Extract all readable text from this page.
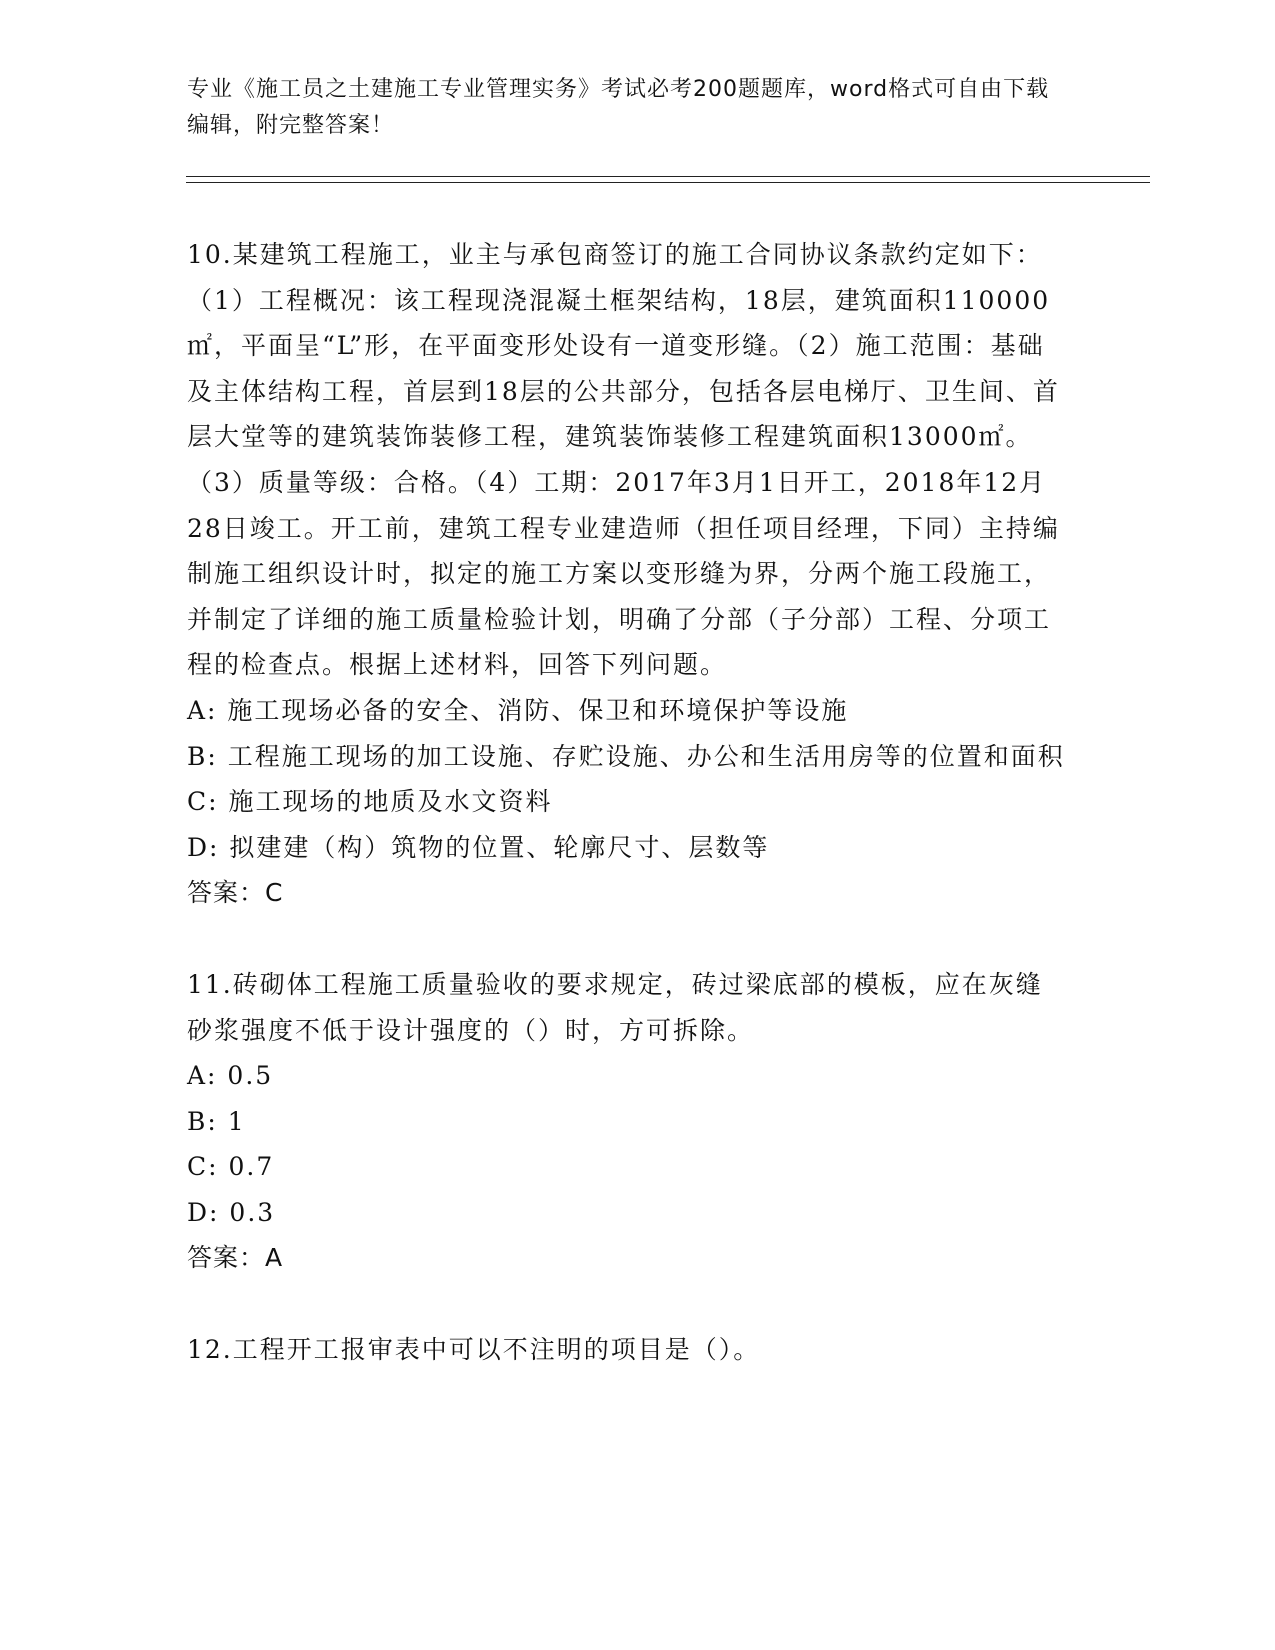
专业《施工员之土建施工专业管理实务》考试必考200题题库，word格式可自由下载编辑，附完整答案！

10.某建筑工程施工，业主与承包商签订的施工合同协议条款约定如下：（1）工程概况：该工程现浇混凝土框架结构，18层，建筑面积110000㎡，平面呈“L”形，在平面变形处设有一道变形缝。（2）施工范围：基础及主体结构工程，首层到18层的公共部分，包括各层电梯厅、卫生间、首层大堂等的建筑装饰装修工程，建筑装饰装修工程建筑面积13000㎡。（3）质量等级：合格。（4）工期：2017年3月1日开工，2018年12月28日竣工。开工前，建筑工程专业建造师（担任项目经理，下同）主持编制施工组织设计时，拟定的施工方案以变形缝为界，分两个施工段施工，并制定了详细的施工质量检验计划，明确了分部（子分部）工程、分项工程的检查点。根据上述材料，回答下列问题。

A: 施工现场必备的安全、消防、保卫和环境保护等设施

B: 工程施工现场的加工设施、存贮设施、办公和生活用房等的位置和面积

C: 施工现场的地质及水文资料

D: 拟建建（构）筑物的位置、轮廓尺寸、层数等

答案：C

11.砖砌体工程施工质量验收的要求规定，砖过梁底部的模板，应在灰缝砂浆强度不低于设计强度的（）时，方可拆除。

A: 0.5

B: 1

C: 0.7

D: 0.3

答案：A

12.工程开工报审表中可以不注明的项目是（）。
